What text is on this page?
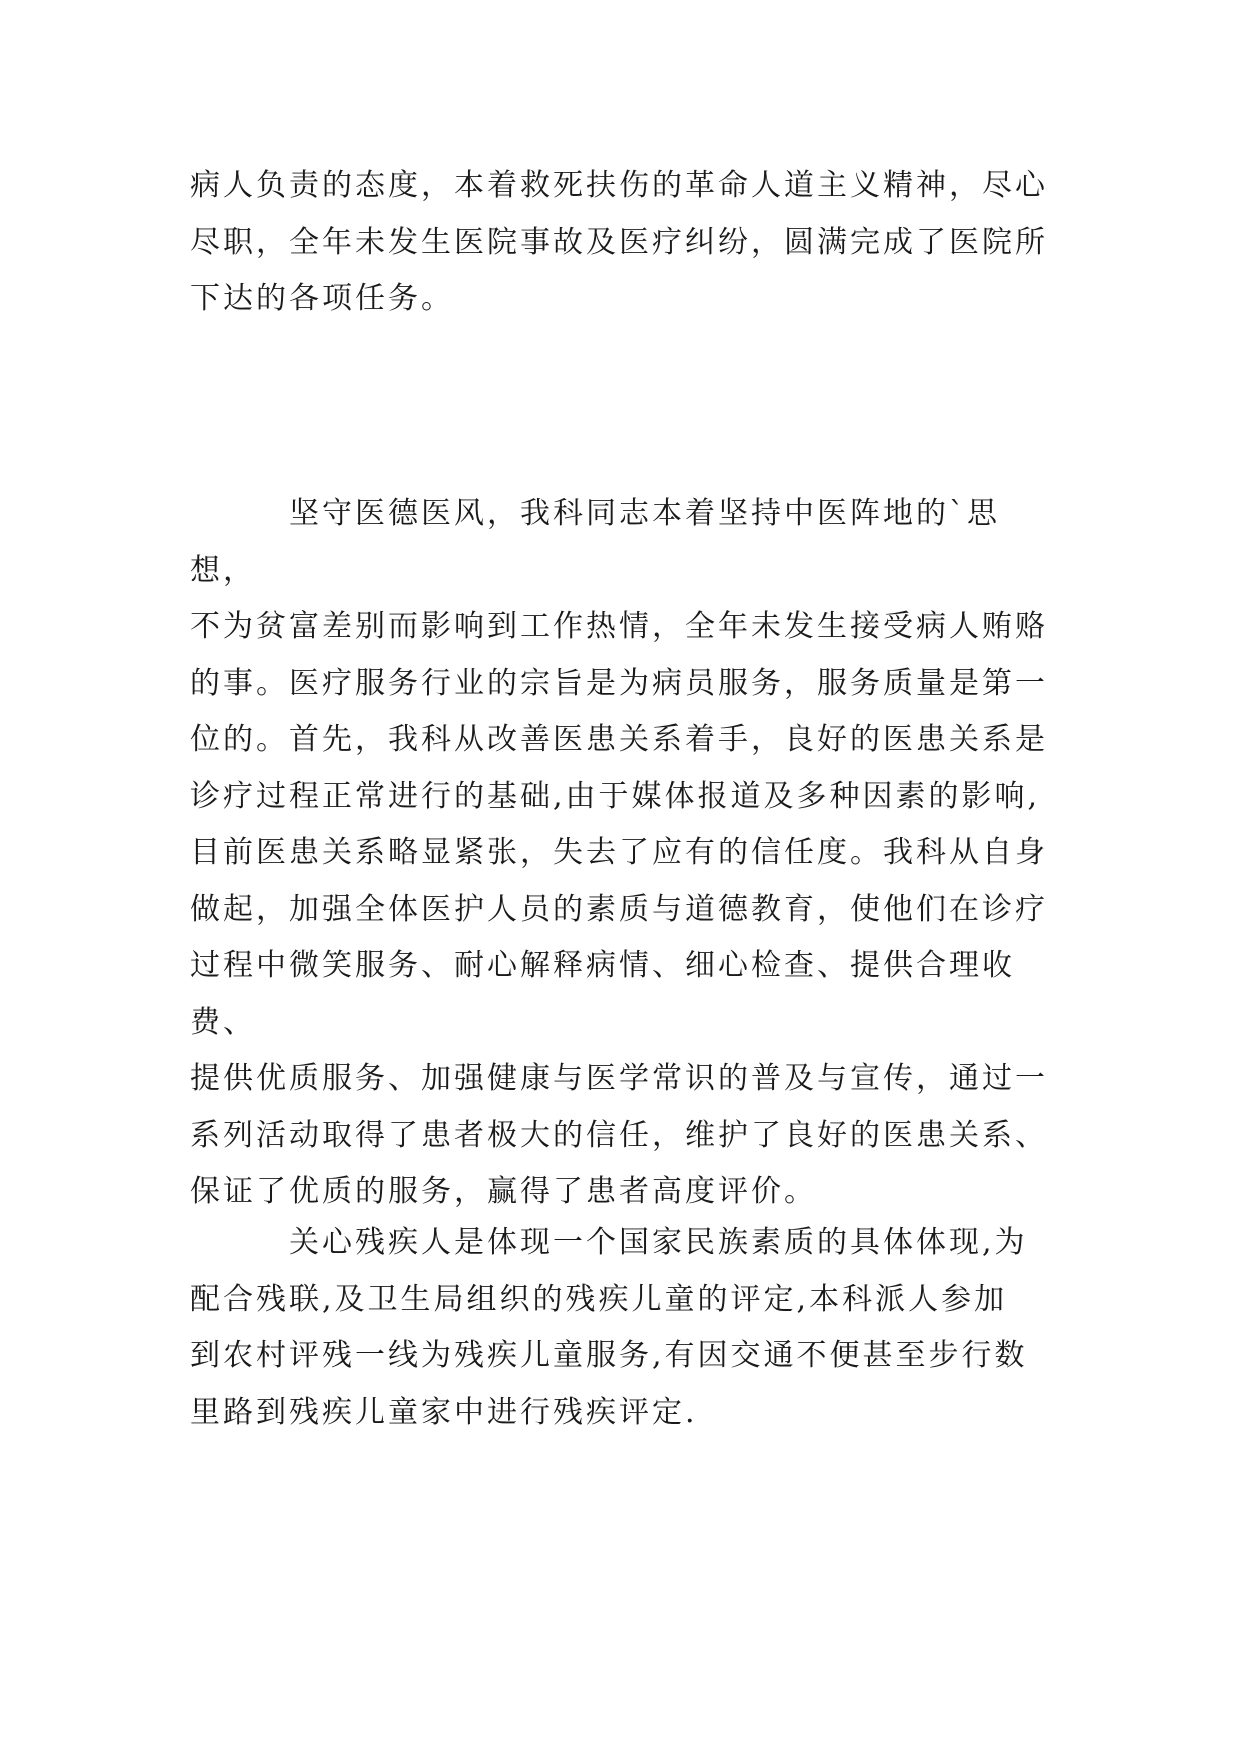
病人负责的态度，本着救死扶伤的革命人道主义精神，尽心
尽职，全年未发生医院事故及医疗纠纷，圆满完成了医院所
下达的各项任务。

　　　坚守医德医风，我科同志本着坚持中医阵地的`思想，
不为贫富差别而影响到工作热情，全年未发生接受病人贿赂
的事。医疗服务行业的宗旨是为病员服务，服务质量是第一
位的。首先，我科从改善医患关系着手，良好的医患关系是
诊疗过程正常进行的基础,由于媒体报道及多种因素的影响,
目前医患关系略显紧张，失去了应有的信任度。我科从自身
做起，加强全体医护人员的素质与道德教育，使他们在诊疗
过程中微笑服务、耐心解释病情、细心检查、提供合理收费、
提供优质服务、加强健康与医学常识的普及与宣传，通过一
系列活动取得了患者极大的信任，维护了良好的医患关系、
保证了优质的服务，赢得了患者高度评价。

　　　关心残疾人是体现一个国家民族素质的具体体现,为
配合残联,及卫生局组织的残疾儿童的评定,本科派人参加
到农村评残一线为残疾儿童服务,有因交通不便甚至步行数
里路到残疾儿童家中进行残疾评定.
